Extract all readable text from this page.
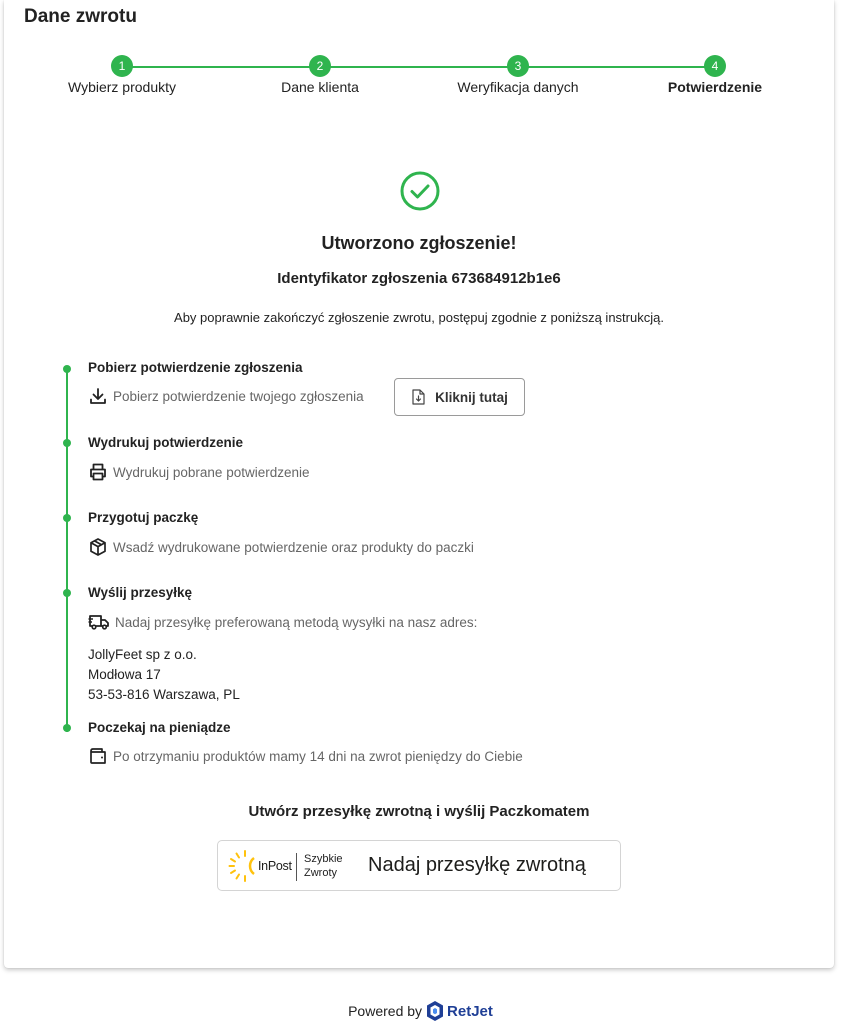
Dane zwrotu
1
Wybierz produkty
2
Dane klienta
3
Weryfikacja danych
4
Potwierdzenie
Utworzono zgłoszenie!
Identyfikator zgłoszenia 673684912b1e6
Aby poprawnie zakończyć zgłoszenie zwrotu, postępuj zgodnie z poniższą instrukcją.
Pobierz potwierdzenie zgłoszenia
Pobierz potwierdzenie twojego zgłoszenia	Kliknij tutaj
Wydrukuj potwierdzenie
Wydrukuj pobrane potwierdzenie
Przygotuj paczkę
Wsadź wydrukowane potwierdzenie oraz produkty do paczki
Wyślij przesyłkę
Nadaj przesyłkę preferowaną metodą wysyłki na nasz adres:
JollyFeet sp z o.o.
Modłowa 17
53-53-816 Warszawa, PL
Poczekaj na pieniądze
Po otrzymaniu produktów mamy 14 dni na zwrot pieniędzy do Ciebie
Utwórz przesyłkę zwrotną i wyślij Paczkomatem
InPost Szybkie
Zwroty Nadaj przesyłkę zwrotną
Powered by RetJet
